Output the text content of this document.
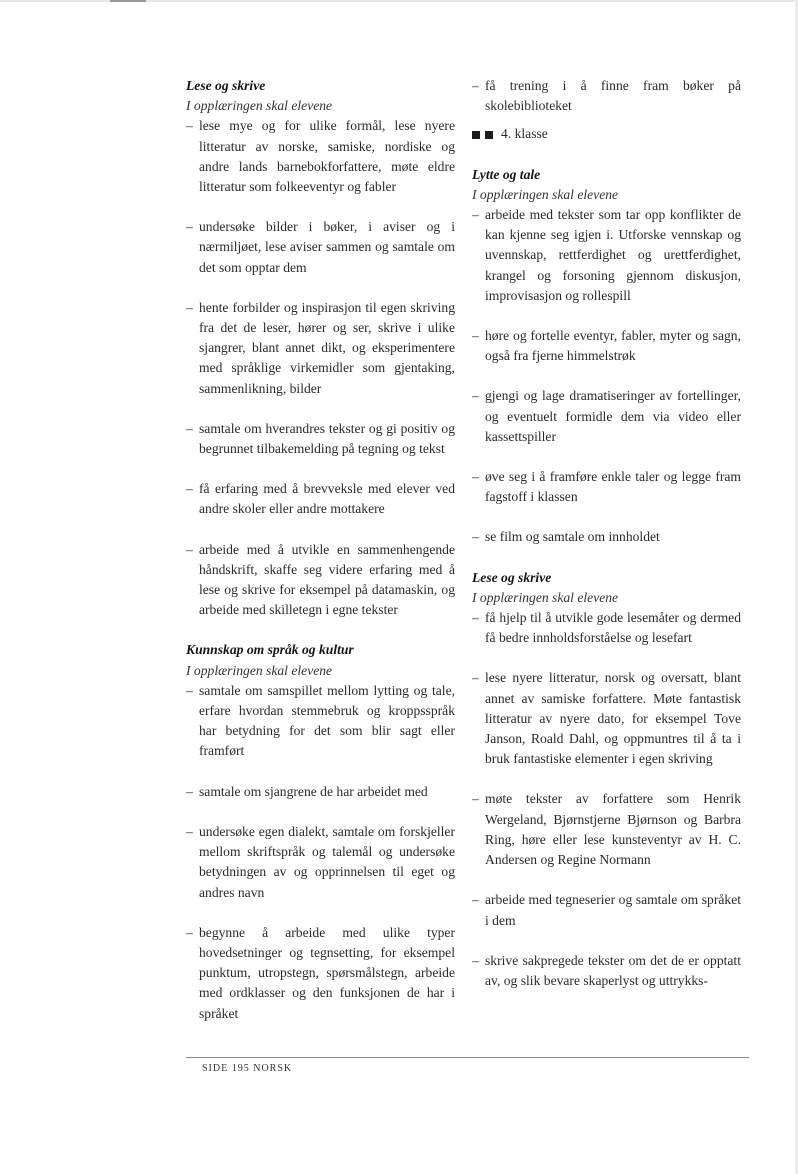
Lese og skrive
I opplæringen skal elevene
– lese mye og for ulike formål, lese nyere litteratur av norske, samiske, nordiske og andre lands barnebokforfattere, møte eldre litteratur som folkeeventyr og fabler
– undersøke bilder i bøker, i aviser og i nærmiljøet, lese aviser sammen og samtale om det som opptar dem
– hente forbilder og inspirasjon til egen skriving fra det de leser, hører og ser, skrive i ulike sjangrer, blant annet dikt, og eksperimentere med språklige virkemidler som gjentaking, sammenlikning, bilder
– samtale om hverandres tekster og gi positiv og begrunnet tilbakemelding på tegning og tekst
– få erfaring med å brevveksle med elever ved andre skoler eller andre mottakere
– arbeide med å utvikle en sammenhengende håndskrift, skaffe seg videre erfaring med å lese og skrive for eksempel på datamaskin, og arbeide med skilletegn i egne tekster
Kunnskap om språk og kultur
I opplæringen skal elevene
– samtale om samspillet mellom lytting og tale, erfare hvordan stemmebruk og kroppsspråk har betydning for det som blir sagt eller framført
– samtale om sjangrene de har arbeidet med
– undersøke egen dialekt, samtale om forskjeller mellom skriftspråk og talemål og undersøke betydningen av og opprinnelsen til eget og andres navn
– begynne å arbeide med ulike typer hovedsetninger og tegnsetting, for eksempel punktum, utropstegn, spørsmålstegn, arbeide med ordklasser og den funksjonen de har i språket
– få trening i å finne fram bøker på skolebiblioteket
4. klasse
Lytte og tale
I opplæringen skal elevene
– arbeide med tekster som tar opp konflikter de kan kjenne seg igjen i. Utforske vennskap og uvennskap, rettferdighet og urettferdighet, krangel og forsoning gjennom diskusjon, improvisasjon og rollespill
– høre og fortelle eventyr, fabler, myter og sagn, også fra fjerne himmelstrøk
– gjengi og lage dramatiseringer av fortellinger, og eventuelt formidle dem via video eller kassettspiller
– øve seg i å framføre enkle taler og legge fram fagstoff i klassen
– se film og samtale om innholdet
Lese og skrive
I opplæringen skal elevene
– få hjelp til å utvikle gode lesemåter og dermed få bedre innholdsforståelse og lesefart
– lese nyere litteratur, norsk og oversatt, blant annet av samiske forfattere. Møte fantastisk litteratur av nyere dato, for eksempel Tove Janson, Roald Dahl, og oppmuntres til å ta i bruk fantastiske elementer i egen skriving
– møte tekster av forfattere som Henrik Wergeland, Bjørnstjerne Bjørnson og Barbra Ring, høre eller lese kunsteventyr av H. C. Andersen og Regine Normann
– arbeide med tegneserier og samtale om språket i dem
– skrive sakpregede tekster om det de er opptatt av, og slik bevare skaperlyst og uttrykks-
SIDE 195 NORSK
